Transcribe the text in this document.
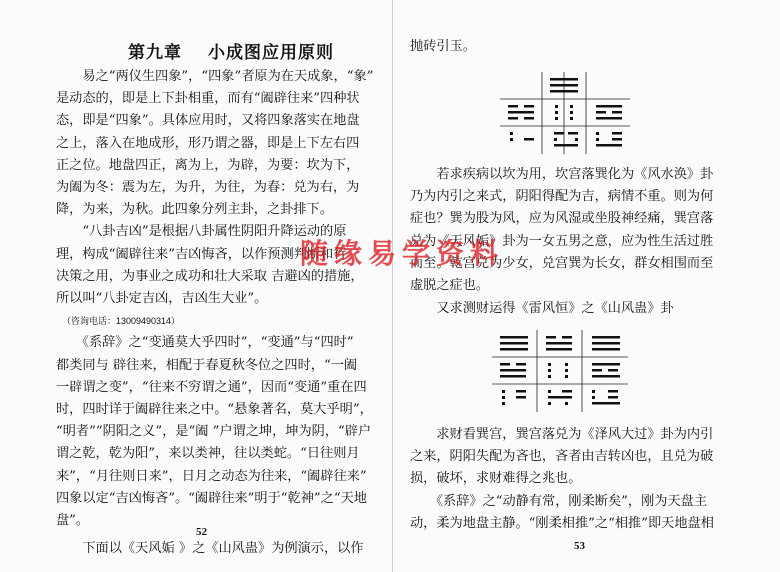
第九章 小成图应用原则

　　易之“两仪生四象”，“四象”者原为在天成象，“象”

是动态的，即是上下卦相重，而有“阖辟往来”四种状

态，即是“四象”。具体应用时，又将四象落实在地盘

之上，落入在地成形，形乃谓之器，即是上下左右四

正之位。地盘四正，离为上，为辟，为要：坎为下，

为阖为冬：震为左，为升，为往，为春：兑为右，为

降，为来，为秋。此四象分列主卦，之卦排下。

　　“八卦吉凶”是根据八卦属性阴阳升降运动的原

理，构成“阖辟往来”吉凶悔吝，以作预测判断和行

决策之用，为事业之成功和壮大采取 吉避凶的措施，

所以叫“八卦定吉凶，吉凶生大业”。（咨询电话：13009490314）

　　《系辞》之“变通莫大乎四时”，“变通”与“四时”

都类同与 辟往来，相配于春夏秋冬位之四时，“一阖

一辟谓之变”，“往来不穷谓之通”，因而“变通”重在四

时，四时详于阖辟往来之中。“悬象著名，莫大乎明”，

“明者”“阴阳之义”，是“阖 ”户谓之坤，坤为阴，“辟户

谓之乾，乾为阳”，来以类神，往以类蛇。“日往则月

来”，“月往则日来”，日月之动态为往来，“阖辟往来”

四象以定“吉凶悔吝”。“阖辟往来”明于“乾神”之“天地

盘”。

　　下面以《天风姤 》之《山风蛊》为例演示，以作

52
抛砖引玉。
　　若求疾病以坎为用，坎宫落巽化为《风水涣》卦
乃为内引之来式，阴阳得配为吉，病情不重。则为何
症也？巽为股为风，应为风湿或坐股神经痛，巽宫落
兑为《天风姤》卦为一女五男之意，应为性生活过胜
而至。乾宫兑为少女，兑宫巽为长女，群女相围而至
虚脱之症也。
　　又求测财运得《雷风恒》之《山风蛊》卦
　　求财看巽宫，巽宫落兑为《泽风大过》卦为内引
之来，阴阳失配为吝也，吝者由吉转凶也，且兑为破
损，破坏，求财难得之兆也。
　　《系辞》之“动静有常，刚柔断矣”，刚为天盘主
动，柔为地盘主静。“刚柔相推”之“相推”即天地盘相
53
随缘易学资料
